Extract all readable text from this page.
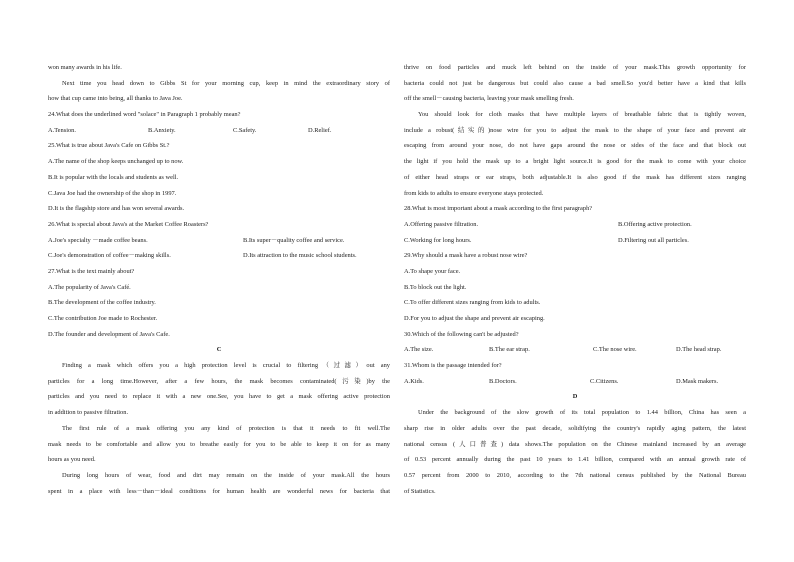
won many awards in his life.
Next time you head down to Gibbs St for your morning cup, keep in mind the extraordinary story of
how that cup came into being, all thanks to Java Joe.
24.What does the underlined word "solace" in Paragraph 1 probably mean?
A.Tension.	B.Anxiety.	C.Safety.	D.Relief.
25.What is true about Java's Cafe on Gibbs St.?
A.The name of the shop keeps unchanged up to now.
B.It is popular with the locals and students as well.
C.Java Joe had the ownership of the shop in 1997.
D.It is the flagship store and has won several awards.
26.What is special about Java's at the Market Coffee Roasters?
A.Joe's specialty －made coffee beans.	B.Its super－quality coffee and service.
C.Joe's demonstration of coffee－making skills.	D.Its attraction to the music school students.
27.What is the text mainly about?
A.The popularity of Java's Café.
B.The development of the coffee industry.
C.The contribution Joe made to Rochester.
D.The founder and development of Java's Cafe.
C
Finding a mask which offers you a high protection level is crucial to filtering（过滤）out any
particles for a long time.However, after a few hours, the mask becomes contaminated(污染)by the
particles and you need to replace it with a new one.See, you have to get a mask offering active protection
in addition to passive filtration.
The first rule of a mask offering you any kind of protection is that it needs to fit well.The
mask needs to be comfortable and allow you to breathe easily for you to be able to keep it on for as many
hours as you need.
During long hours of wear, food and dirt may remain on the inside of your mask.All the hours
spent in a place with less－than－ideal conditions for human health are wonderful news for bacteria that
thrive on food particles and muck left behind on the inside of your mask.This growth opportunity for
bacteria could not just be dangerous but could also cause a bad smell.So you'd better have a kind that kills
off the smell－causing bacteria, leaving your mask smelling fresh.
You should look for cloth masks that have multiple layers of breathable fabric that is tightly woven,
include a robust(结实的)nose wire for you to adjust the mask to the shape of your face and prevent air
escaping from around your nose, do not have gaps around the nose or sides of the face and that block out
the light if you hold the mask up to a bright light source.It is good for the mask to come with your choice
of either head straps or ear straps, both adjustable.It is also good if the mask has different sizes ranging
from kids to adults to ensure everyone stays protected.
28.What is most important about a mask according to the first paragraph?
A.Offering passive filtration.	B.Offering active protection.
C.Working for long hours.	D.Filtering out all particles.
29.Why should a mask have a robust nose wire?
A.To shape your face.
B.To block out the light.
C.To offer different sizes ranging from kids to adults.
D.For you to adjust the shape and prevent air escaping.
30.Which of the following can't be adjusted?
A.The size.	B.The ear strap.	C.The nose wire.	D.The head strap.
31.Whom is the passage intended for?
A.Kids.	B.Doctors.	C.Citizens.	D.Mask makers.
D
Under the background of the slow growth of its total population to 1.44 billion, China has seen a
sharp rise in older adults over the past decade, solidifying the country's rapidly aging pattern, the latest
national census (人口普查) data shows.The population on the Chinese mainland increased by an average
of 0.53 percent annually during the past 10 years to 1.41 billion, compared with an annual growth rate of
0.57 percent from 2000 to 2010, according to the 7th national census published by the National Bureau
of Statistics.
